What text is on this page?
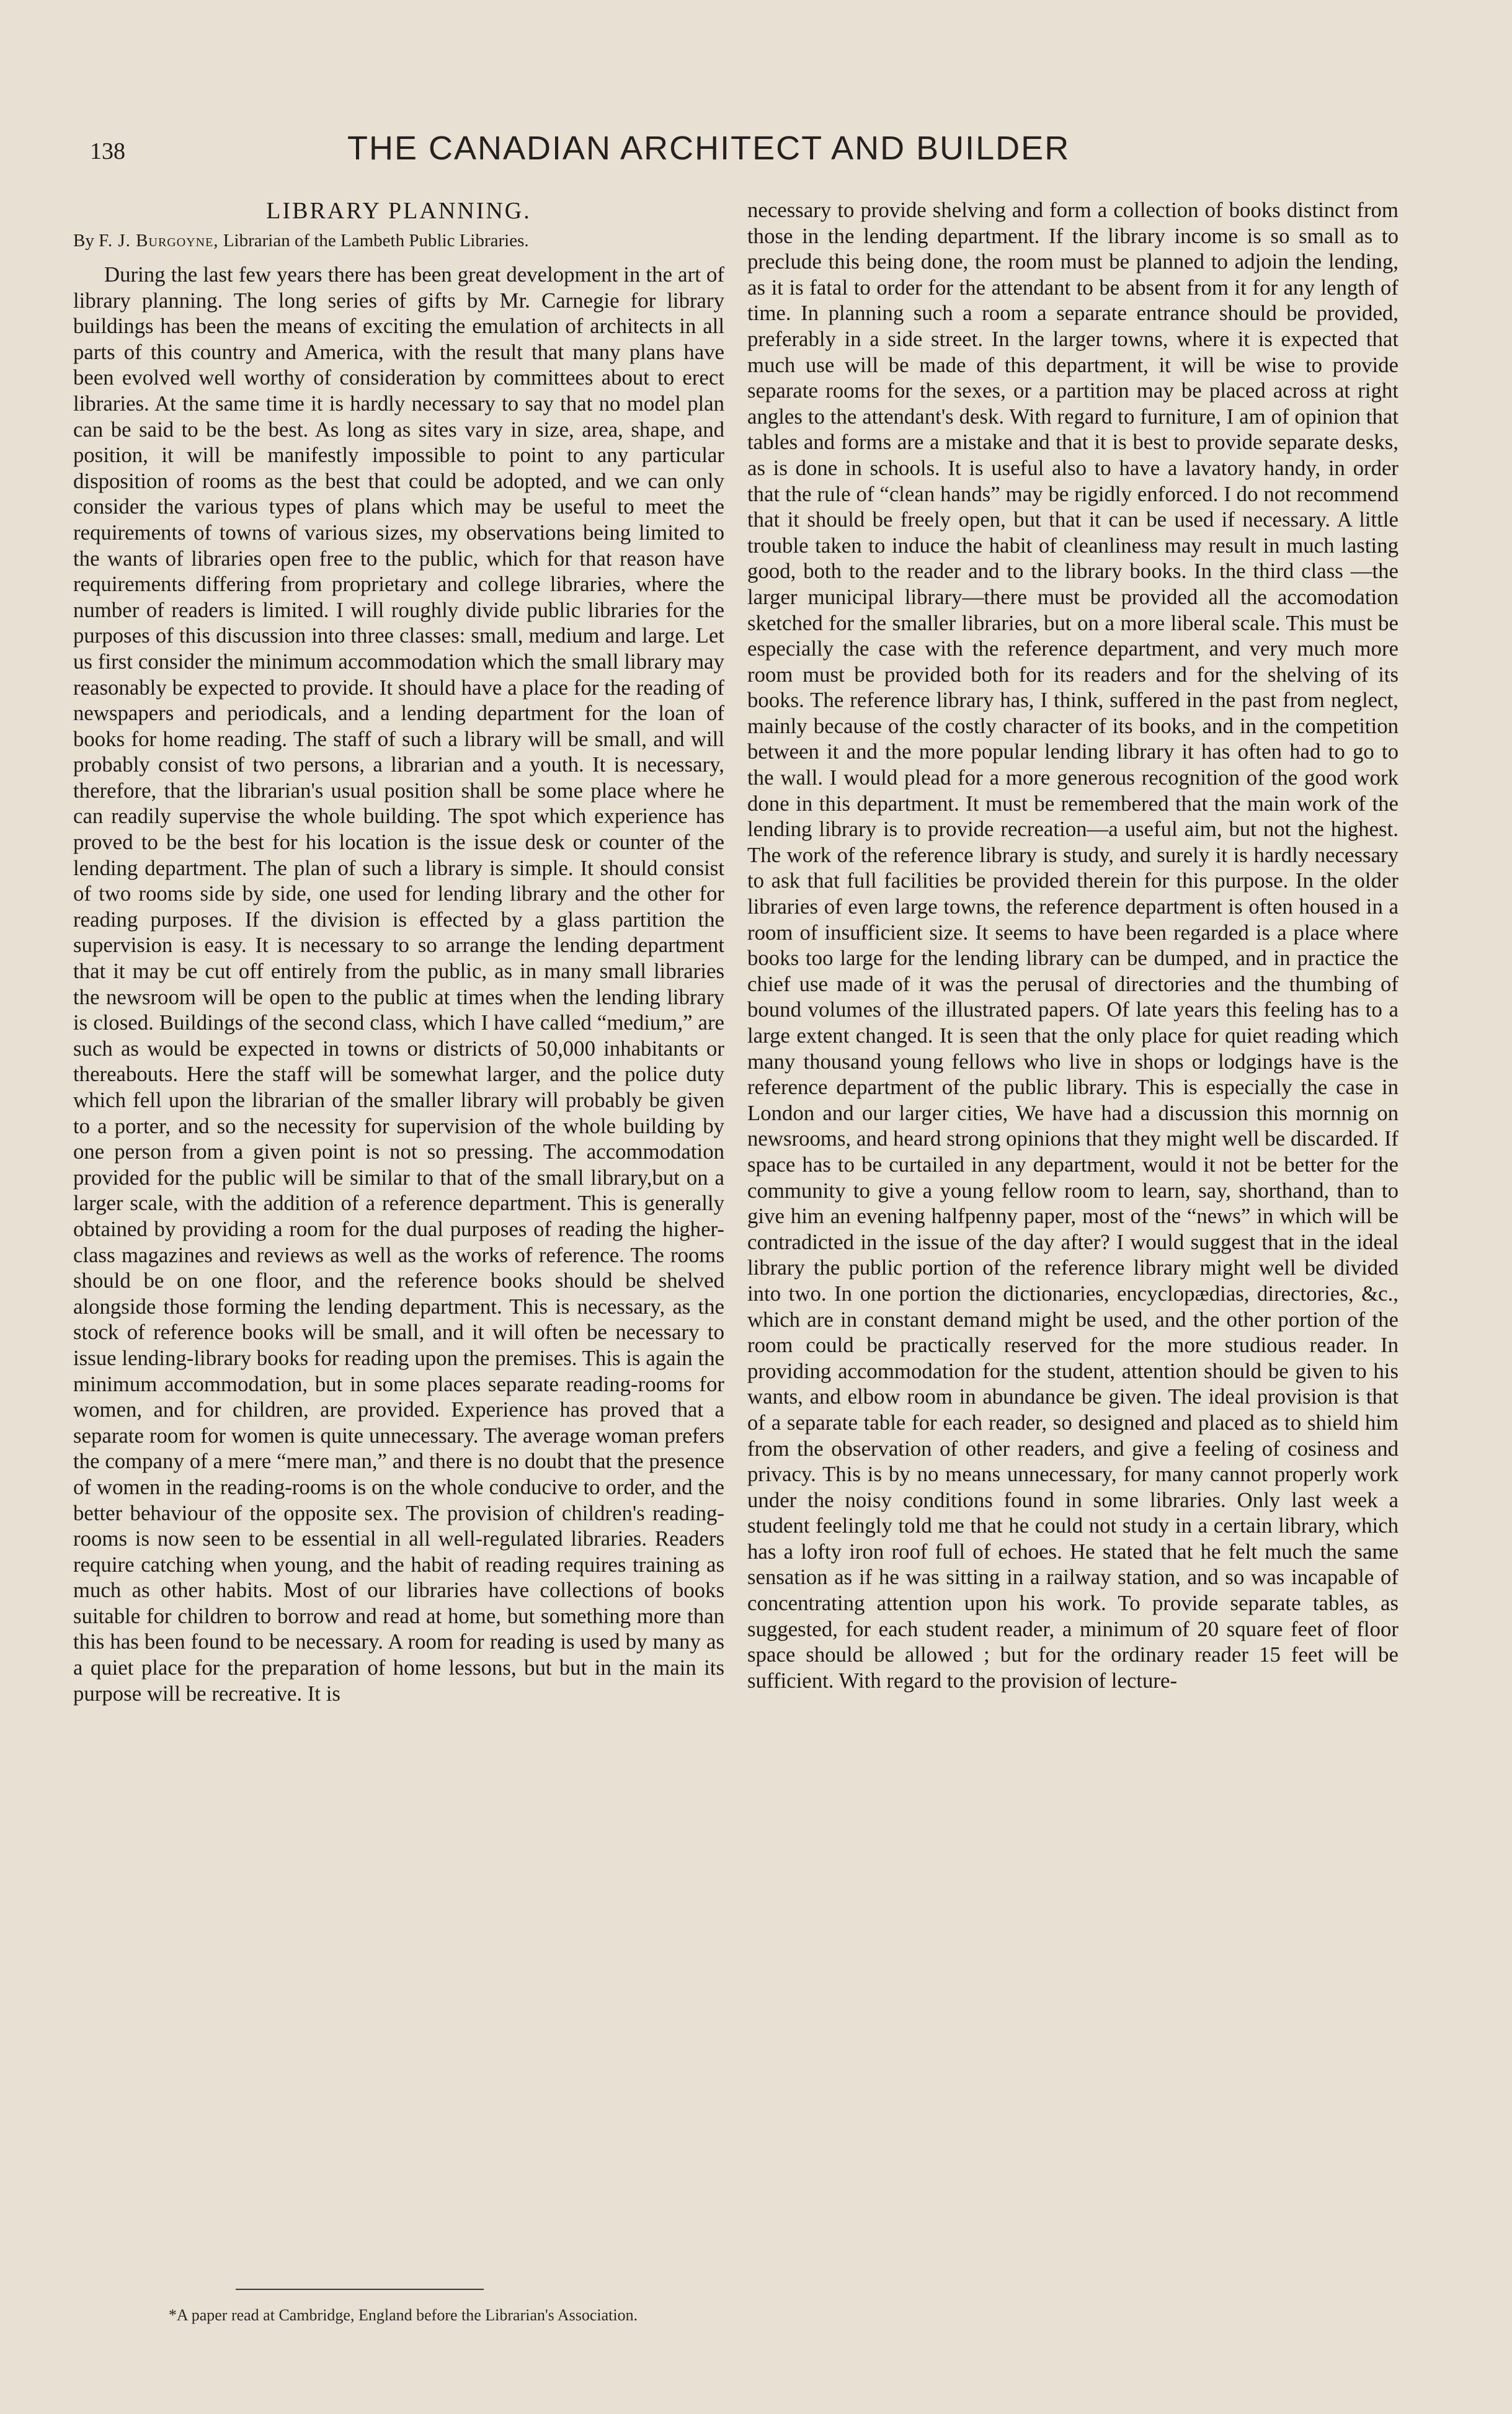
138	THE CANADIAN ARCHITECT AND BUILDER
LIBRARY PLANNING.
By F. J. Burgoyne, Librarian of the Lambeth Public Libraries.

During the last few years there has been great development in the art of library planning. The long series of gifts by Mr. Carnegie for library buildings has been the means of exciting the emulation of architects in all parts of this country and America, with the result that many plans have been evolved well worthy of consideration by committees about to erect libraries. At the same time it is hardly necessary to say that no model plan can be said to be the best. As long as sites vary in size, area, shape, and position, it will be manifestly impossible to point to any particular disposition of rooms as the best that could be adopted, and we can only consider the various types of plans which may be useful to meet the requirements of towns of various sizes, my observations being limited to the wants of libraries open free to the public, which for that reason have requirements differing from proprietary and college libraries, where the number of readers is limited. I will roughly divide public libraries for the purposes of this discussion into three classes: small, medium and large. Let us first consider the minimum accommodation which the small library may reasonably be expected to provide. It should have a place for the reading of newspapers and periodicals, and a lending department for the loan of books for home reading. The staff of such a library will be small, and will probably consist of two persons, a librarian and a youth. It is necessary, therefore, that the librarian's usual position shall be some place where he can readily supervise the whole building. The spot which experience has proved to be the best for his location is the issue desk or counter of the lending department. The plan of such a library is simple. It should consist of two rooms side by side, one used for lending library and the other for reading purposes. If the division is effected by a glass partition the supervision is easy. It is necessary to so arrange the lending department that it may be cut off entirely from the public, as in many small libraries the newsroom will be open to the public at times when the lending library is closed. Buildings of the second class, which I have called “medium,” are such as would be expected in towns or districts of 50,000 inhabitants or thereabouts. Here the staff will be somewhat larger, and the police duty which fell upon the librarian of the smaller library will probably be given to a porter, and so the necessity for supervision of the whole building by one person from a given point is not so pressing. The accommodation provided for the public will be similar to that of the small library,but on a larger scale, with the addition of a reference department. This is generally obtained by providing a room for the dual purposes of reading the higher-class magazines and reviews as well as the works of reference. The rooms should be on one floor, and the reference books should be shelved alongside those forming the lending department. This is necessary, as the stock of reference books will be small, and it will often be necessary to issue lending-library books for reading upon the premises. This is again the minimum accommodation, but in some places separate reading-rooms for women, and for children, are provided. Experience has proved that a separate room for women is quite unnecessary. The average woman prefers the company of a mere “mere man,” and there is no doubt that the presence of women in the reading-rooms is on the whole conducive to order, and the better behaviour of the opposite sex. The provision of children's reading-rooms is now seen to be essential in all well-regulated libraries. Readers require catching when young, and the habit of reading requires training as much as other habits. Most of our libraries have collections of books suitable for children to borrow and read at home, but something more than this has been found to be necessary. A room for reading is used by many as a quiet place for the preparation of home lessons, but but in the main its purpose will be recreative. It is

necessary to provide shelving and form a collection of books distinct from those in the lending department. If the library income is so small as to preclude this being done, the room must be planned to adjoin the lending, as it is fatal to order for the attendant to be absent from it for any length of time. In planning such a room a separate entrance should be provided, preferably in a side street. In the larger towns, where it is expected that much use will be made of this department, it will be wise to provide separate rooms for the sexes, or a partition may be placed across at right angles to the attendant's desk. With regard to furniture, I am of opinion that tables and forms are a mistake and that it is best to provide separate desks, as is done in schools. It is useful also to have a lavatory handy, in order that the rule of “clean hands” may be rigidly enforced. I do not recommend that it should be freely open, but that it can be used if necessary. A little trouble taken to induce the habit of cleanliness may result in much lasting good, both to the reader and to the library books. In the third class —the larger municipal library—there must be provided all the accomodation sketched for the smaller libraries, but on a more liberal scale. This must be especially the case with the reference department, and very much more room must be provided both for its readers and for the shelving of its books. The reference library has, I think, suffered in the past from neglect, mainly because of the costly character of its books, and in the competition between it and the more popular lending library it has often had to go to the wall. I would plead for a more generous recognition of the good work done in this department. It must be remembered that the main work of the lending library is to provide recreation—a useful aim, but not the highest. The work of the reference library is study, and surely it is hardly necessary to ask that full facilities be provided therein for this purpose. In the older libraries of even large towns, the reference department is often housed in a room of insufficient size. It seems to have been regarded is a place where books too large for the lending library can be dumped, and in practice the chief use made of it was the perusal of directories and the thumbing of bound volumes of the illustrated papers. Of late years this feeling has to a large extent changed. It is seen that the only place for quiet reading which many thousand young fellows who live in shops or lodgings have is the reference department of the public library. This is especially the case in London and our larger cities, We have had a discussion this mornnig on newsrooms, and heard strong opinions that they might well be discarded. If space has to be curtailed in any department, would it not be better for the community to give a young fellow room to learn, say, shorthand, than to give him an evening halfpenny paper, most of the “news” in which will be contradicted in the issue of the day after? I would suggest that in the ideal library the public portion of the reference library might well be divided into two. In one portion the dictionaries, encyclopædias, directories, &c., which are in constant demand might be used, and the other portion of the room could be practically reserved for the more studious reader. In providing accommodation for the student, attention should be given to his wants, and elbow room in abundance be given. The ideal provision is that of a separate table for each reader, so designed and placed as to shield him from the observation of other readers, and give a feeling of cosiness and privacy. This is by no means unnecessary, for many cannot properly work under the noisy conditions found in some libraries. Only last week a student feelingly told me that he could not study in a certain library, which has a lofty iron roof full of echoes. He stated that he felt much the same sensation as if he was sitting in a railway station, and so was incapable of concentrating attention upon his work. To provide separate tables, as suggested, for each student reader, a minimum of 20 square feet of floor space should be allowed ; but for the ordinary reader 15 feet will be sufficient. With regard to the provision of lecture-

*A paper read at Cambridge, England before the Librarian's Association.
